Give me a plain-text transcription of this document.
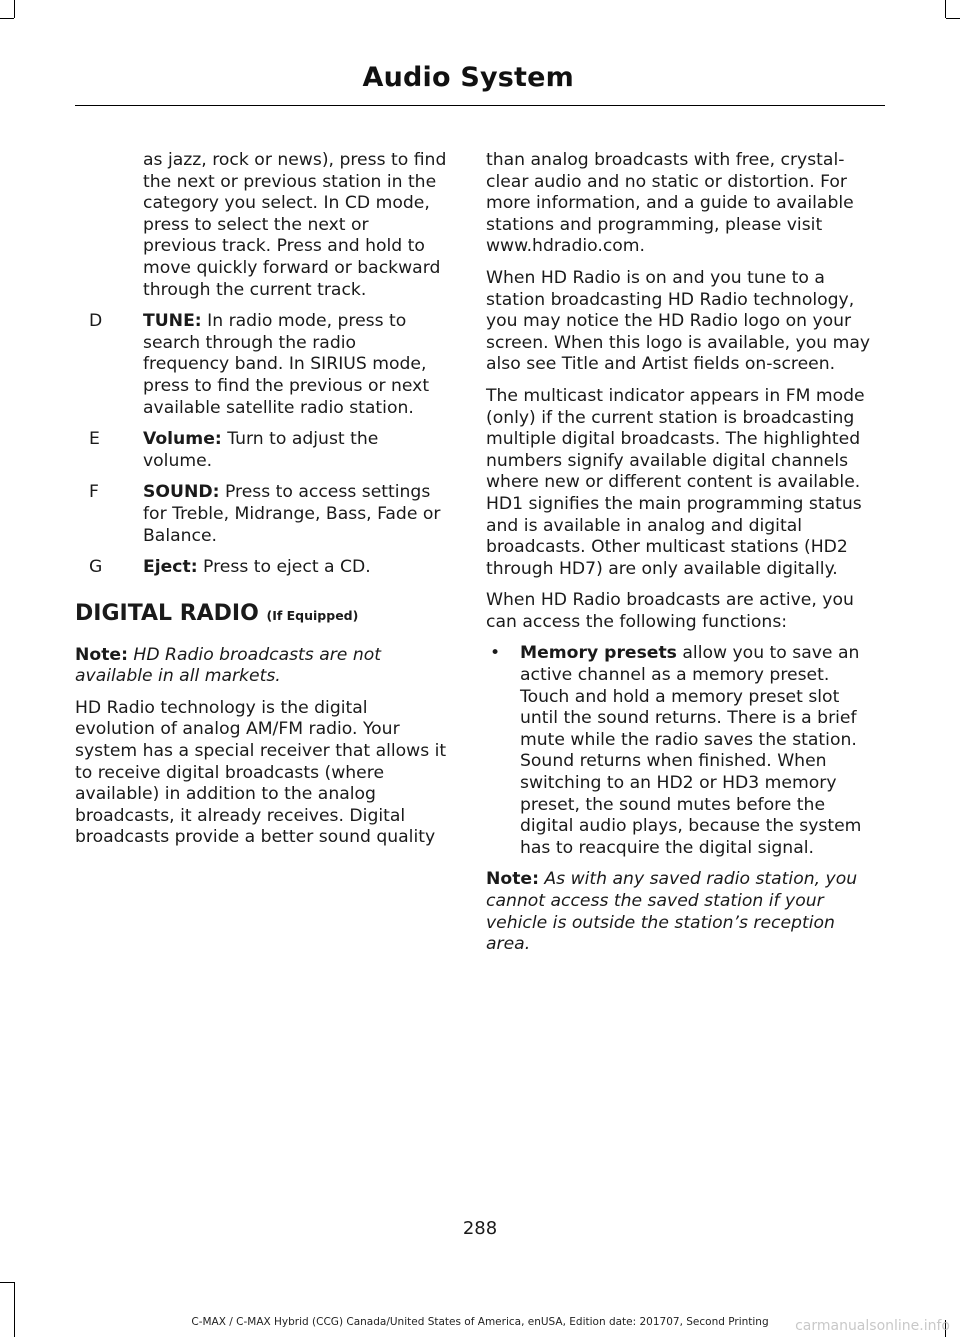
Audio System

as jazz, rock or news), press to find the next or previous station in the category you select. In CD mode, press to select the next or previous track. Press and hold to move quickly forward or backward through the current track.

D	TUNE: In radio mode, press to search through the radio frequency band. In SIRIUS mode, press to find the previous or next available satellite radio station.
E	Volume: Turn to adjust the volume.
F	SOUND: Press to access settings for Treble, Midrange, Bass, Fade or Balance.
G	Eject: Press to eject a CD.
DIGITAL RADIO (If Equipped)

Note: HD Radio broadcasts are not available in all markets.

HD Radio technology is the digital evolution of analog AM/FM radio. Your system has a special receiver that allows it to receive digital broadcasts (where available) in addition to the analog broadcasts, it already receives. Digital broadcasts provide a better sound quality

than analog broadcasts with free, crystal-clear audio and no static or distortion. For more information, and a guide to available stations and programming, please visit www.hdradio.com.

When HD Radio is on and you tune to a station broadcasting HD Radio technology, you may notice the HD Radio logo on your screen. When this logo is available, you may also see Title and Artist fields on-screen.

The multicast indicator appears in FM mode (only) if the current station is broadcasting multiple digital broadcasts. The highlighted numbers signify available digital channels where new or different content is available. HD1 signifies the main programming status and is available in analog and digital broadcasts. Other multicast stations (HD2 through HD7) are only available digitally.

When HD Radio broadcasts are active, you can access the following functions:

•	Memory presets allow you to save an active channel as a memory preset. Touch and hold a memory preset slot until the sound returns. There is a brief mute while the radio saves the station. Sound returns when finished. When switching to an HD2 or HD3 memory preset, the sound mutes before the digital audio plays, because the system has to reacquire the digital signal.

Note: As with any saved radio station, you cannot access the saved station if your vehicle is outside the station’s reception area.

288
C-MAX / C-MAX Hybrid (CCG) Canada/United States of America, enUSA, Edition date: 201707, Second Printing	carmanualsonline.info
